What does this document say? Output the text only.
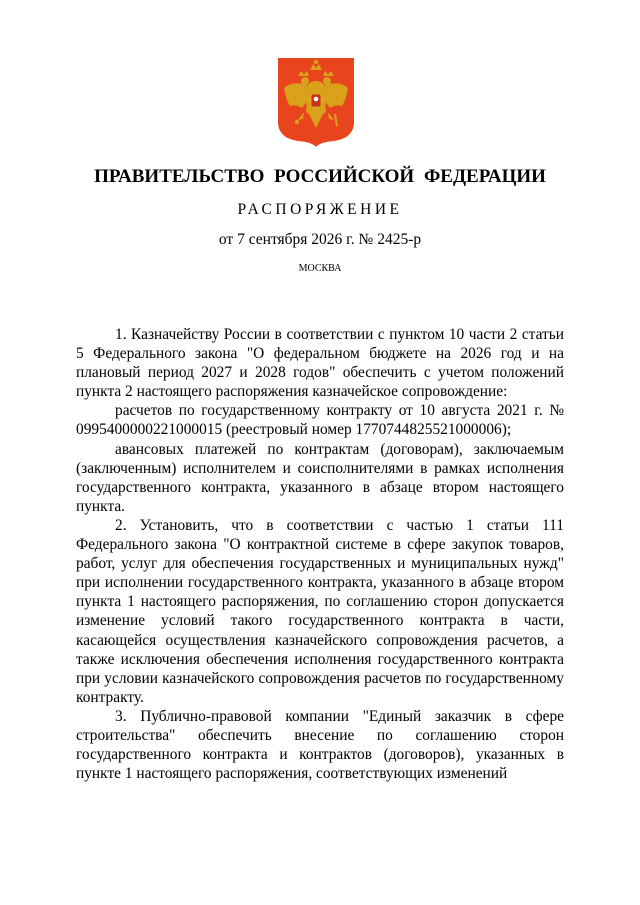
ПРАВИТЕЛЬСТВО РОССИЙСКОЙ ФЕДЕРАЦИИ
РАСПОРЯЖЕНИЕ
от 7 сентября 2026 г. № 2425-р
МОСКВА

1. Казначейству России в соответствии с пунктом 10 части 2 статьи 5 Федерального закона "О федеральном бюджете на 2026 год и на плановый период 2027 и 2028 годов" обеспечить с учетом положений пункта 2 настоящего распоряжения казначейское сопровождение:

расчетов по государственному контракту от 10 августа 2021 г. № 0995400000221000015 (реестровый номер 1770744825521000006);

авансовых платежей по контрактам (договорам), заключаемым (заключенным) исполнителем и соисполнителями в рамках исполнения государственного контракта, указанного в абзаце втором настоящего пункта.

2. Установить, что в соответствии с частью 1 статьи 111 Федерального закона "О контрактной системе в сфере закупок товаров, работ, услуг для обеспечения государственных и муниципальных нужд" при исполнении государственного контракта, указанного в абзаце втором пункта 1 настоящего распоряжения, по соглашению сторон допускается изменение условий такого государственного контракта в части, касающейся осуществления казначейского сопровождения расчетов, а также исключения обеспечения исполнения государственного контракта при условии казначейского сопровождения расчетов по государственному контракту.

3. Публично-правовой компании "Единый заказчик в сфере строительства" обеспечить внесение по соглашению сторон государственного контракта и контрактов (договоров), указанных в пункте 1 настоящего распоряжения, соответствующих изменений
